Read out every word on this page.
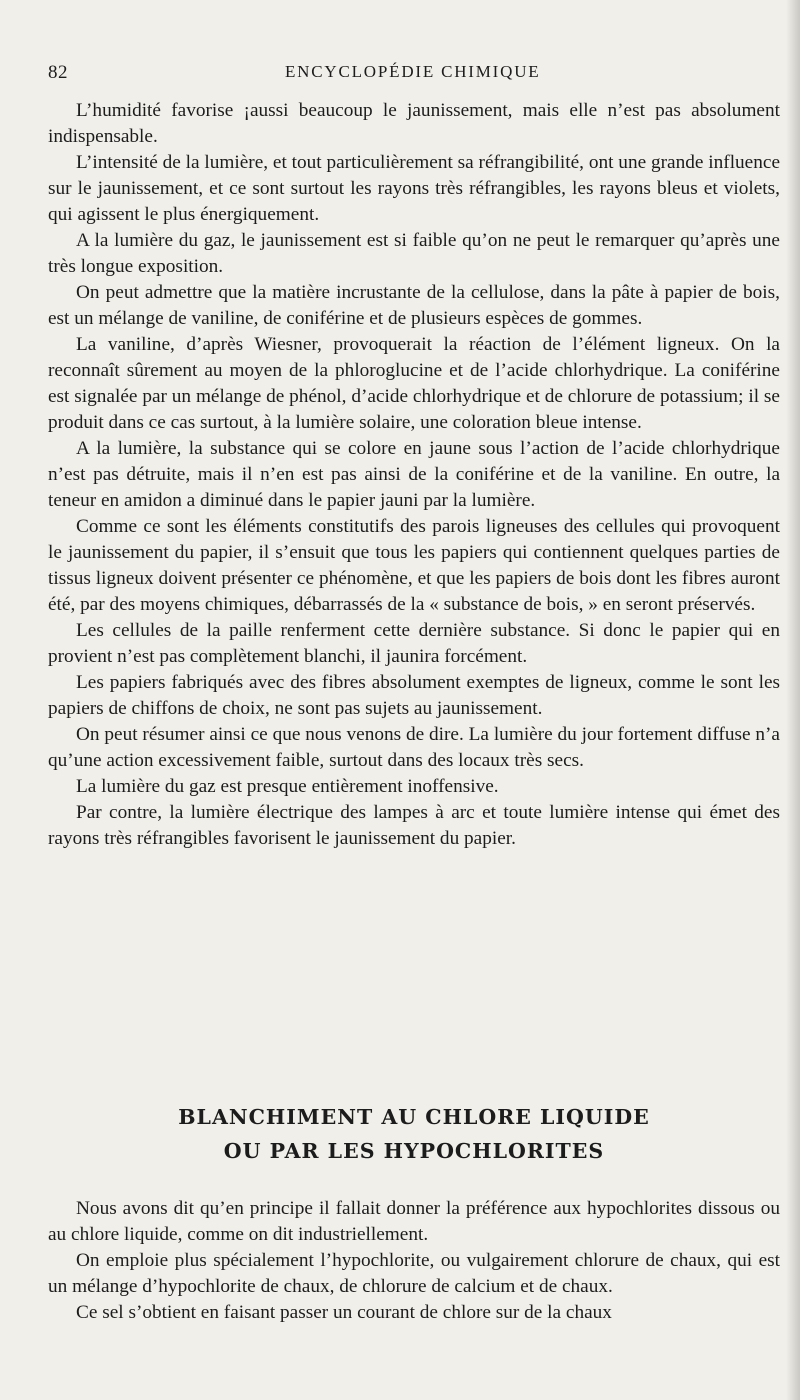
82	ENCYCLOPÉDIE CHIMIQUE

L’humidité favorise ¡aussi beaucoup le jaunissement, mais elle n’est pas absolument indispensable.

L’intensité de la lumière, et tout particulièrement sa réfrangibilité, ont une grande influence sur le jaunissement, et ce sont surtout les rayons très réfrangibles, les rayons bleus et violets, qui agissent le plus énergiquement.

A la lumière du gaz, le jaunissement est si faible qu’on ne peut le remarquer qu’après une très longue exposition.

On peut admettre que la matière incrustante de la cellulose, dans la pâte à papier de bois, est un mélange de vaniline, de coniférine et de plusieurs espèces de gommes.

La vaniline, d’après Wiesner, provoquerait la réaction de l’élément ligneux. On la reconnaît sûrement au moyen de la phloroglucine et de l’acide chlorhydrique. La coniférine est signalée par un mélange de phénol, d’acide chlorhydrique et de chlorure de potassium; il se produit dans ce cas surtout, à la lumière solaire, une coloration bleue intense.

A la lumière, la substance qui se colore en jaune sous l’action de l’acide chlorhydrique n’est pas détruite, mais il n’en est pas ainsi de la coniférine et de la vaniline. En outre, la teneur en amidon a diminué dans le papier jauni par la lumière.

Comme ce sont les éléments constitutifs des parois ligneuses des cellules qui provoquent le jaunissement du papier, il s’ensuit que tous les papiers qui contiennent quelques parties de tissus ligneux doivent présenter ce phénomène, et que les papiers de bois dont les fibres auront été, par des moyens chimiques, débarrassés de la « substance de bois, » en seront préservés.

Les cellules de la paille renferment cette dernière substance. Si donc le papier qui en provient n’est pas complètement blanchi, il jaunira forcément.

Les papiers fabriqués avec des fibres absolument exemptes de ligneux, comme le sont les papiers de chiffons de choix, ne sont pas sujets au jaunissement.

On peut résumer ainsi ce que nous venons de dire. La lumière du jour fortement diffuse n’a qu’une action excessivement faible, surtout dans des locaux très secs.

La lumière du gaz est presque entièrement inoffensive.

Par contre, la lumière électrique des lampes à arc et toute lumière intense qui émet des rayons très réfrangibles favorisent le jaunissement du papier.

BLANCHIMENT AU CHLORE LIQUIDE
OU PAR LES HYPOCHLORITES

Nous avons dit qu’en principe il fallait donner la préférence aux hypochlorites dissous ou au chlore liquide, comme on dit industriellement.

On emploie plus spécialement l’hypochlorite, ou vulgairement chlorure de chaux, qui est un mélange d’hypochlorite de chaux, de chlorure de calcium et de chaux.

Ce sel s’obtient en faisant passer un courant de chlore sur de la chaux
